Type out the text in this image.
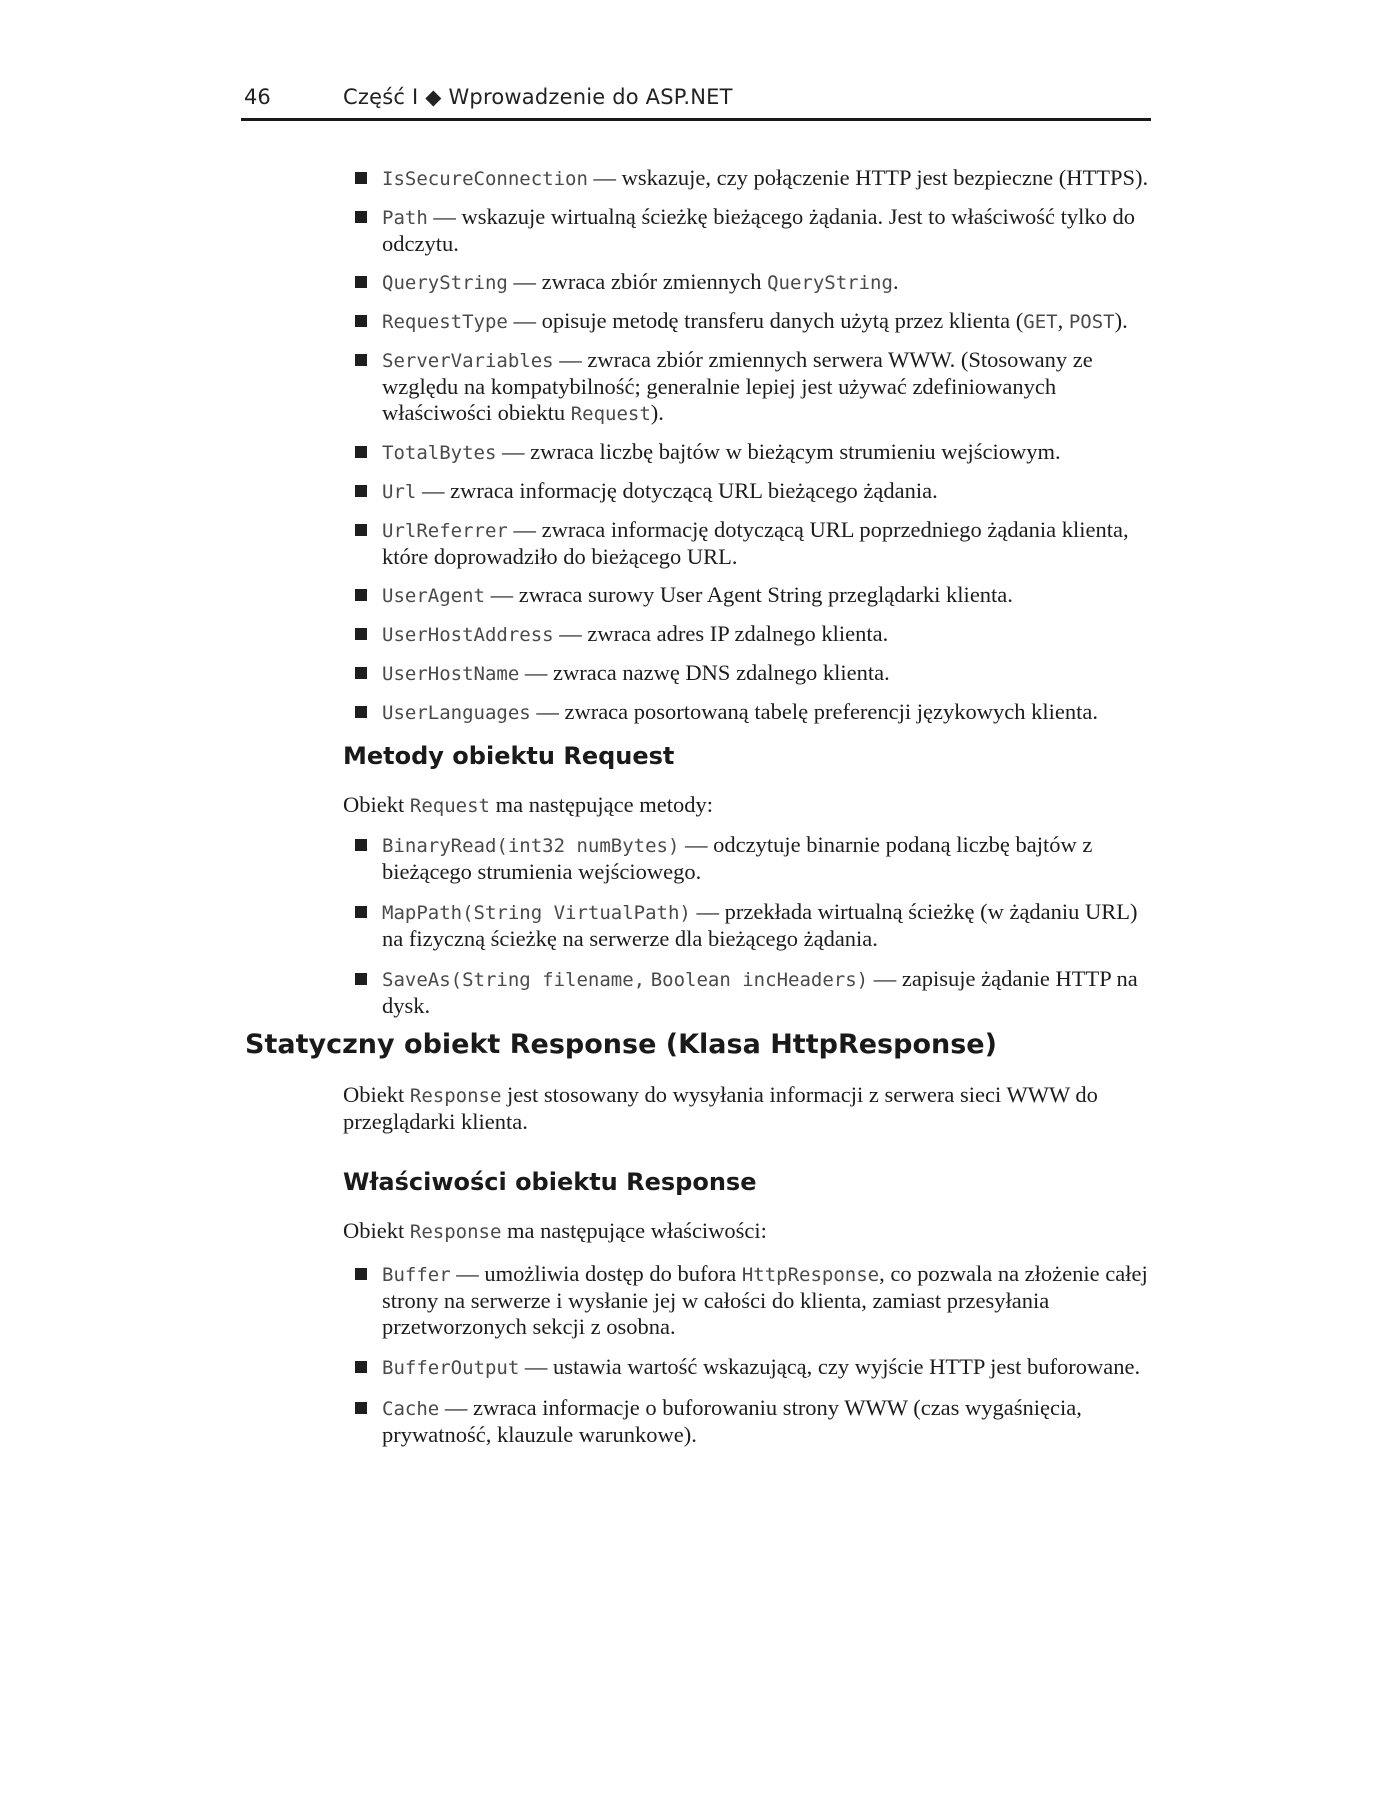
46	Część I ◆ Wprowadzenie do ASP.NET
IsSecureConnection — wskazuje, czy połączenie HTTP jest bezpieczne (HTTPS).
Path — wskazuje wirtualną ścieżkę bieżącego żądania. Jest to właściwość tylko do odczytu.
QueryString — zwraca zbiór zmiennych QueryString.
RequestType — opisuje metodę transferu danych użytą przez klienta (GET, POST).
ServerVariables — zwraca zbiór zmiennych serwera WWW. (Stosowany ze względu na kompatybilność; generalnie lepiej jest używać zdefiniowanych właściwości obiektu Request).
TotalBytes — zwraca liczbę bajtów w bieżącym strumieniu wejściowym.
Url — zwraca informację dotyczącą URL bieżącego żądania.
UrlReferrer — zwraca informację dotyczącą URL poprzedniego żądania klienta, które doprowadziło do bieżącego URL.
UserAgent — zwraca surowy User Agent String przeglądarki klienta.
UserHostAddress — zwraca adres IP zdalnego klienta.
UserHostName — zwraca nazwę DNS zdalnego klienta.
UserLanguages — zwraca posortowaną tabelę preferencji językowych klienta.
Metody obiektu Request
Obiekt Request ma następujące metody:
BinaryRead(int32 numBytes) — odczytuje binarnie podaną liczbę bajtów z bieżącego strumienia wejściowego.
MapPath(String VirtualPath) — przekłada wirtualną ścieżkę (w żądaniu URL) na fizyczną ścieżkę na serwerze dla bieżącego żądania.
SaveAs(String filename, Boolean incHeaders) — zapisuje żądanie HTTP na dysk.
Statyczny obiekt Response (Klasa HttpResponse)
Obiekt Response jest stosowany do wysyłania informacji z serwera sieci WWW do przeglądarki klienta.
Właściwości obiektu Response
Obiekt Response ma następujące właściwości:
Buffer — umożliwia dostęp do bufora HttpResponse, co pozwala na złożenie całej strony na serwerze i wysłanie jej w całości do klienta, zamiast przesyłania przetworzonych sekcji z osobna.
BufferOutput — ustawia wartość wskazującą, czy wyjście HTTP jest buforowane.
Cache — zwraca informacje o buforowaniu strony WWW (czas wygaśnięcia, prywatność, klauzule warunkowe).
